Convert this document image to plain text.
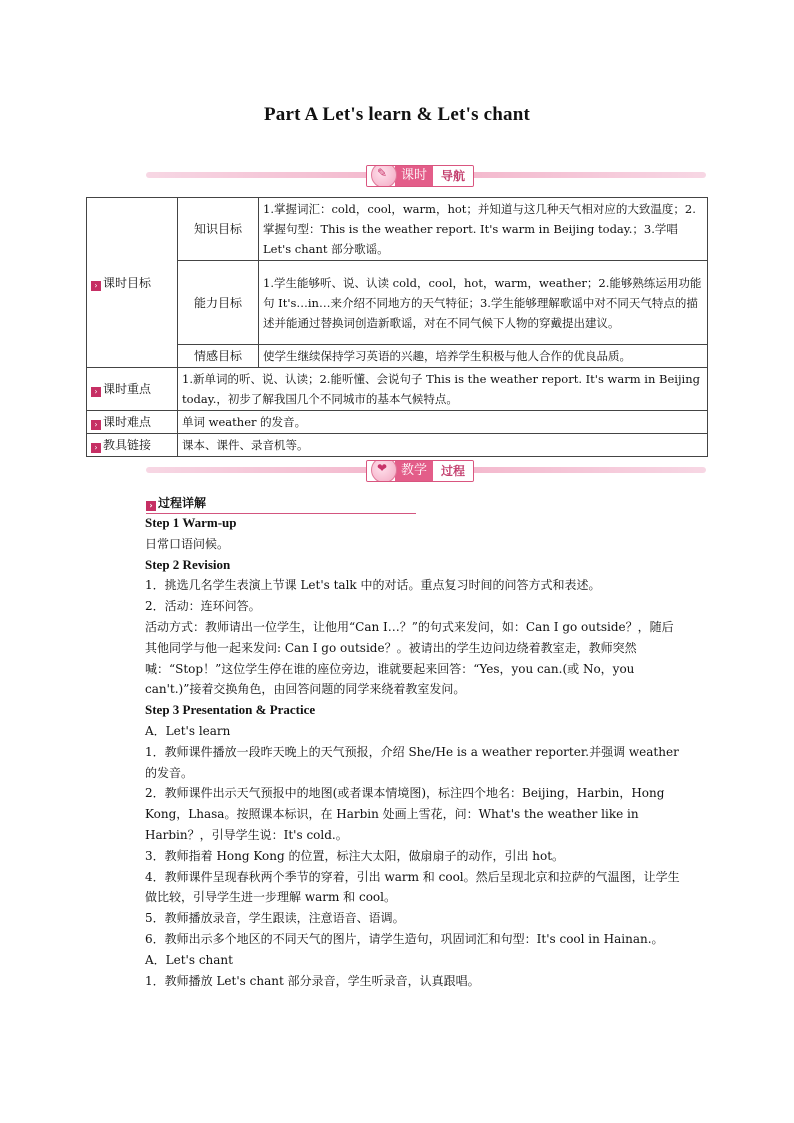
Part A Let's learn & Let's chant
✎	课时	导航
› 课时目标	知识目标	1.掌握词汇：cold，cool，warm，hot；并知道与这几种天气相对应的大致温度；2.掌握句型：This is the weather report. It's warm in Beijing today.；3.学唱 Let's chant 部分歌谣。
	能力目标	1.学生能够听、说、认读 cold，cool，hot，warm，weather；2.能够熟练运用功能句 It's…in…来介绍不同地方的天气特征；3.学生能够理解歌谣中对不同天气特点的描述并能通过替换词创造新歌谣，对在不同气候下人物的穿戴提出建议。
	情感目标	使学生继续保持学习英语的兴趣，培养学生积极与他人合作的优良品质。
› 课时重点	1.新单词的听、说、认读；2.能听懂、会说句子 This is the weather report. It's warm in Beijing today.，初步了解我国几个不同城市的基本气候特点。	
› 课时难点	单词 weather 的发音。	
› 教具链接	课本、课件、录音机等。	
❤	教学	过程
› 过程详解

Step 1 Warm-up

日常口语问候。

Step 2 Revision

1．挑选几名学生表演上节课 Let's talk 中的对话。重点复习时间的问答方式和表述。

2．活动：连环问答。

活动方式：教师请出一位学生，让他用“Can I…？”的句式来发问，如：Can I go outside？，随后其他同学与他一起来发问: Can I go outside？。被请出的学生边问边绕着教室走，教师突然喊：“Stop！”这位学生停在谁的座位旁边，谁就要起来回答：“Yes，you can.(或 No，you can't.)”接着交换角色，由回答问题的同学来绕着教室发问。

Step 3 Presentation & Practice

A．Let's learn

1．教师课件播放一段昨天晚上的天气预报，介绍 She/He is a weather reporter.并强调 weather 的发音。

2．教师课件出示天气预报中的地图(或者课本情境图)，标注四个地名：Beijing，Harbin，Hong Kong，Lhasa。按照课本标识，在 Harbin 处画上雪花，问：What's the weather like in Harbin？，引导学生说：It's cold.。

3．教师指着 Hong Kong 的位置，标注大太阳，做扇扇子的动作，引出 hot。

4．教师课件呈现春秋两个季节的穿着，引出 warm 和 cool。然后呈现北京和拉萨的气温图，让学生做比较，引导学生进一步理解 warm 和 cool。

5．教师播放录音，学生跟读，注意语音、语调。

6．教师出示多个地区的不同天气的图片，请学生造句，巩固词汇和句型：It's cool in Hainan.。

A．Let's chant

1．教师播放 Let's chant 部分录音，学生听录音，认真跟唱。
